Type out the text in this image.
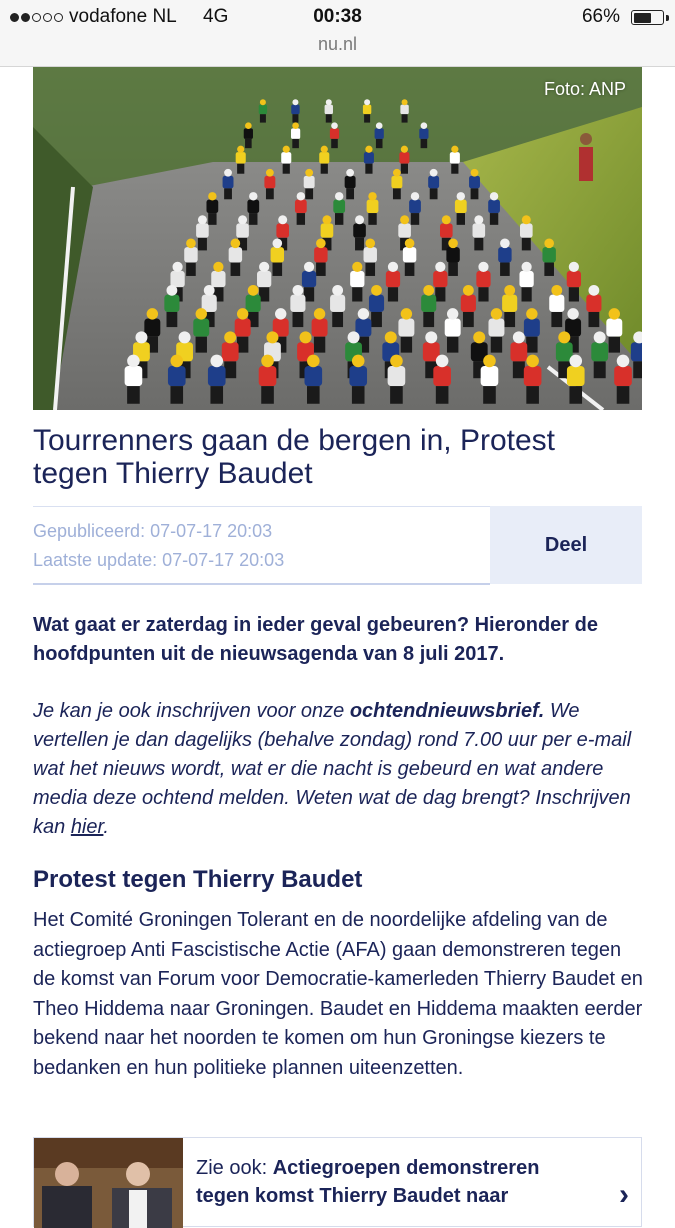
vodafone NL 4G	00:38	66%
nu.nl
Foto: ANP
Tourrenners gaan de bergen in, Protest tegen Thierry Baudet
Gepubliceerd: 07-07-17 20:03
Laatste update: 07-07-17 20:03
Deel

Wat gaat er zaterdag in ieder geval gebeuren? Hieronder de hoofdpunten uit de nieuwsagenda van 8 juli 2017.

Je kan je ook inschrijven voor onze ochtendnieuwsbrief. We vertellen je dan dagelijks (behalve zondag) rond 7.00 uur per e-mail wat het nieuws wordt, wat er die nacht is gebeurd en wat andere media deze ochtend melden. Weten wat de dag brengt? Inschrijven kan hier.

Protest tegen Thierry Baudet

Het Comité Groningen Tolerant en de noordelijke afdeling van de actiegroep Anti Fascistische Actie (AFA) gaan demonstreren tegen de komst van Forum voor Democratie-kamerleden Thierry Baudet en Theo Hiddema naar Groningen. Baudet en Hiddema maakten eerder bekend naar het noorden te komen om hun Groningse kiezers te bedanken en hun politieke plannen uiteenzetten.

Zie ook: Actiegroepen demonstreren tegen komst Thierry Baudet naar	›
